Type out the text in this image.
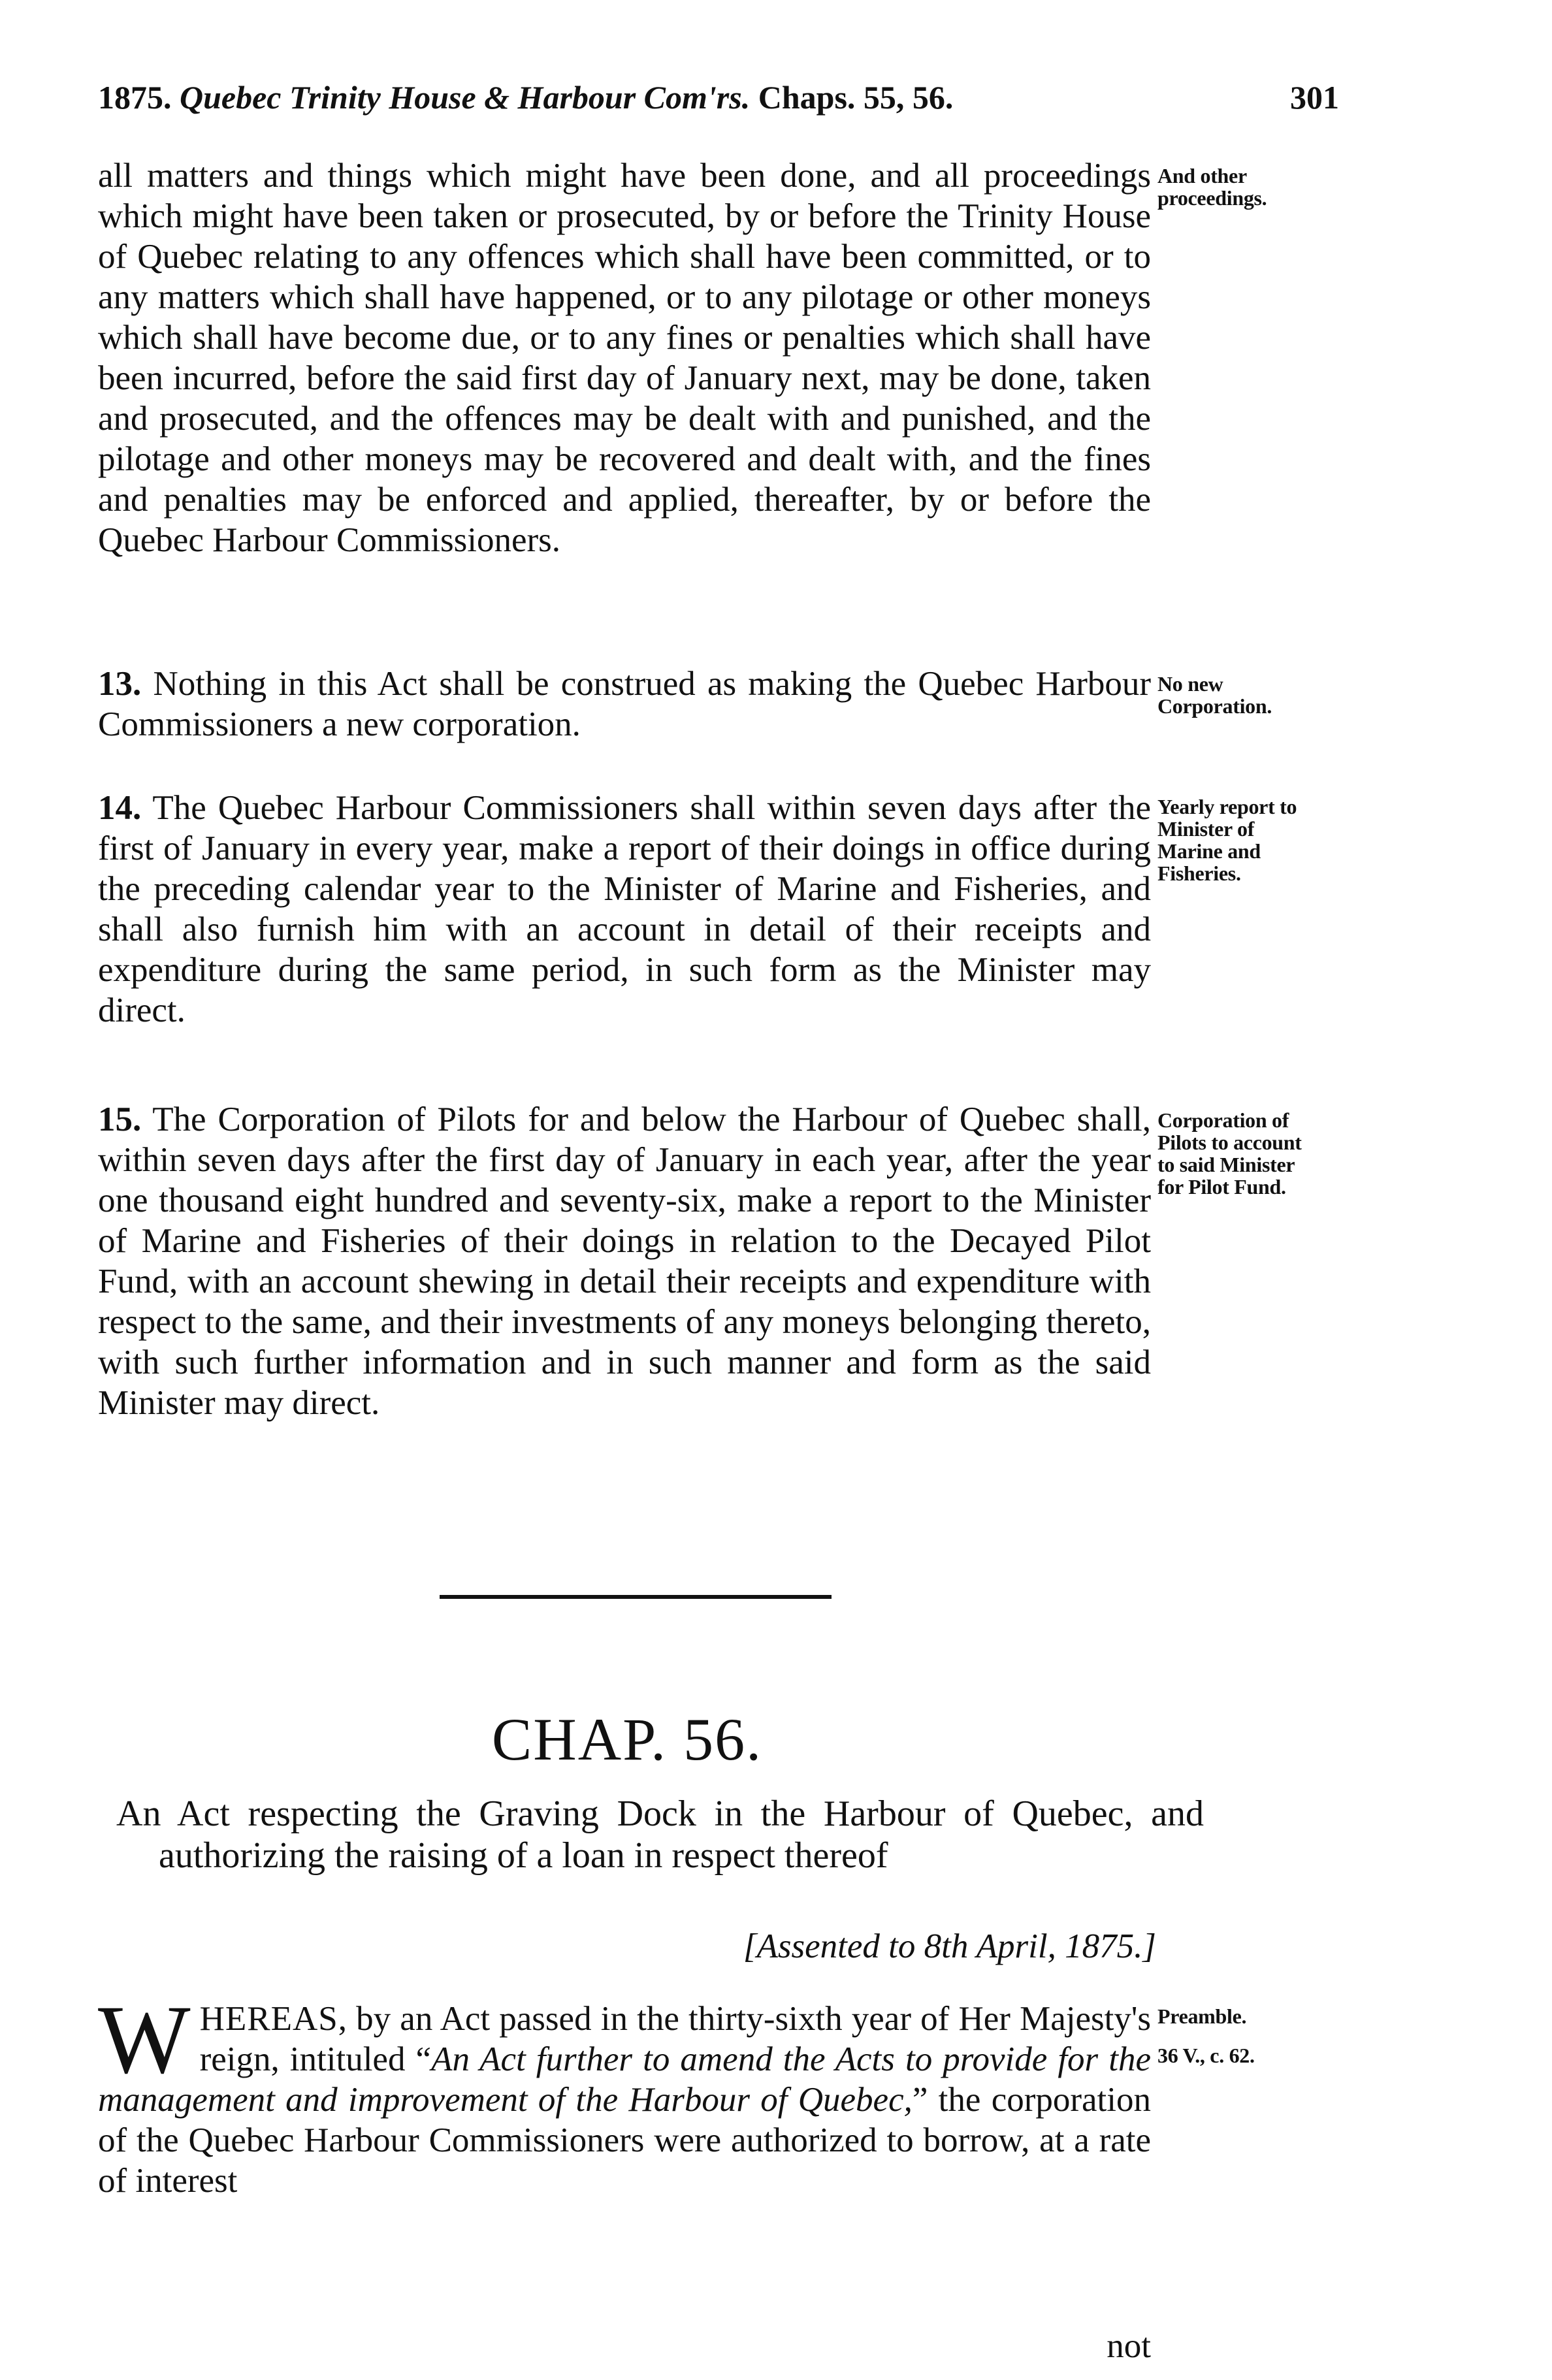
1875. Quebec Trinity House & Harbour Com'rs. Chaps. 55, 56.	301

all matters and things which might have been done, and all proceedings which might have been taken or prosecuted, by or before the Trinity House of Quebec relating to any offences which shall have been committed, or to any matters which shall have happened, or to any pilotage or other moneys which shall have become due, or to any fines or penalties which shall have been incurred, before the said first day of January next, may be done, taken and prosecuted, and the offences may be dealt with and punished, and the pilotage and other moneys may be recovered and dealt with, and the fines and penalties may be enforced and applied, thereafter, by or before the Quebec Harbour Commissioners.

And other proceedings.

13. Nothing in this Act shall be construed as making the Quebec Harbour Commissioners a new corporation.

No new Corporation.

14. The Quebec Harbour Commissioners shall within seven days after the first of January in every year, make a report of their doings in office during the preceding calendar year to the Minister of Marine and Fisheries, and shall also furnish him with an account in detail of their receipts and expenditure during the same period, in such form as the Minister may direct.

Yearly report to Minister of Marine and Fisheries.

15. The Corporation of Pilots for and below the Harbour of Quebec shall, within seven days after the first day of January in each year, after the year one thousand eight hundred and seventy-six, make a report to the Minister of Marine and Fisheries of their doings in relation to the Decayed Pilot Fund, with an account shewing in detail their receipts and expenditure with respect to the same, and their investments of any moneys belonging thereto, with such further information and in such manner and form as the said Minister may direct.

Corporation of Pilots to account to said Minister for Pilot Fund.
CHAP. 56.
An Act respecting the Graving Dock in the Harbour of Quebec, and authorizing the raising of a loan in respect thereof
[Assented to 8th April, 1875.]

WHEREAS, by an Act passed in the thirty-sixth year of Her Majesty's reign, intituled “An Act further to amend the Acts to provide for the management and improvement of the Harbour of Quebec,” the corporation of the Quebec Harbour Commissioners were authorized to borrow, at a rate of interest

Preamble.
36 V., c. 62.
not
